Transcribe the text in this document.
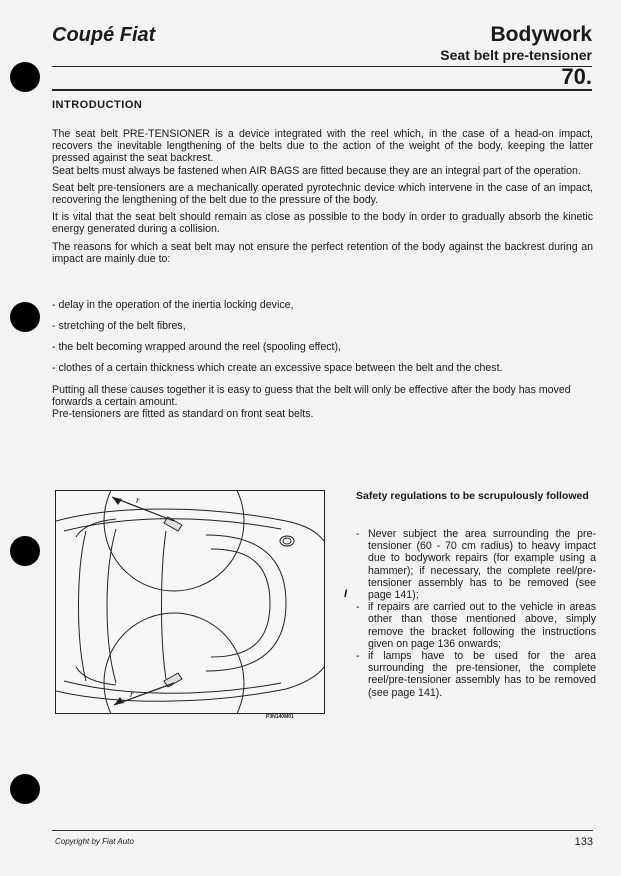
Coupé Fiat	Bodywork
Seat belt pre-tensioner
70.
INTRODUCTION

The seat belt PRE-TENSIONER is a device integrated with the reel which, in the case of a head-on impact, recovers the inevitable lengthening of the belts due to the action of the weight of the body, keeping the latter pressed against the seat backrest.

Seat belts must always be fastened when AIR BAGS are fitted because they are an integral part of the operation.

Seat belt pre-tensioners are a mechanically operated pyrotechnic device which intervene in the case of an impact, recovering the lengthening of the belt due to the pressure of the body.

It is vital that the seat belt should remain as close as possible to the body in order to gradually absorb the kinetic energy generated during a collision.

The reasons for which a seat belt may not ensure the perfect retention of the body against the backrest during an impact are mainly due to:

- delay in the operation of the inertia locking device,
- stretching of the belt fibres,
- the belt becoming wrapped around the reel (spooling effect),
- clothes of a certain thickness which create an excessive space between the belt and the chest.

Putting all these causes together it is easy to guess that the belt will only be effective after the body has moved forwards a certain amount.

Pre-tensioners are fitted as standard on front seat belts.

r
r
P3N140M01
Safety regulations to be scrupulously followed
I
- Never subject the area surrounding the pre-tensioner (60 - 70 cm radius) to heavy impact due to bodywork repairs (for example using a hammer); if necessary, the complete reel/pre-tensioner assembly has to be removed (see page 141);
- if repairs are carried out to the vehicle in areas other than those mentioned above, simply remove the bracket following the instructions given on page 136 onwards;
- if lamps have to be used for the area surrounding the pre-tensioner, the complete reel/pre-tensioner assembly has to be removed (see page 141).
Copyright by Fiat Auto	133
